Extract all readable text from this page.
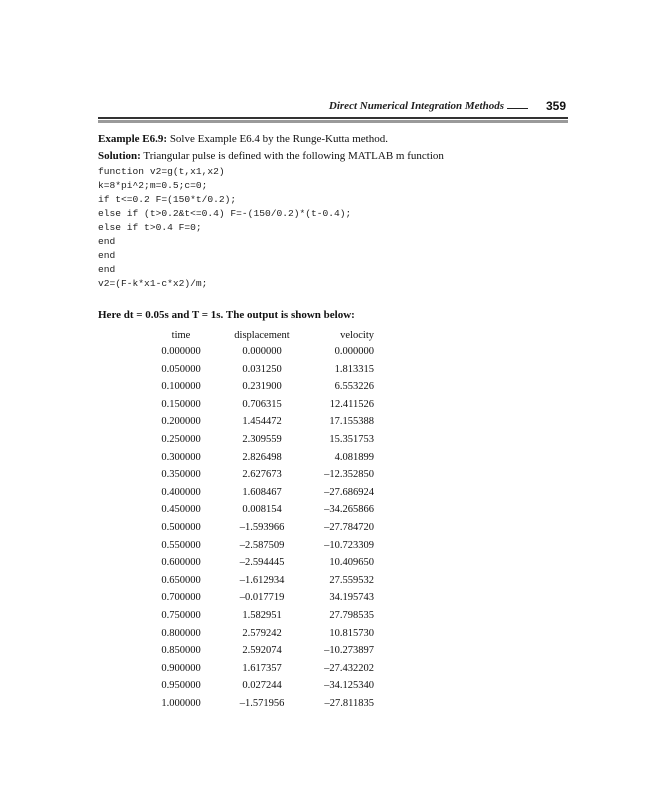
Direct Numerical Integration Methods	359
Example E6.9: Solve Example E6.4 by the Runge-Kutta method.
Solution: Triangular pulse is defined with the following MATLAB m function
function v2=g(t,x1,x2)
k=8*pi^2;m=0.5;c=0;
if t<=0.2 F=(150*t/0.2);
else if (t>0.2&t<=0.4) F=-(150/0.2)*(t-0.4);
else if t>0.4 F=0;
end
end
end
v2=(F-k*x1-c*x2)/m;
Here dt = 0.05s and T = 1s. The output is shown below:
time	displacement	velocity
0.000000	0.000000	0.000000
0.050000	0.031250	1.813315
0.100000	0.231900	6.553226
0.150000	0.706315	12.411526
0.200000	1.454472	17.155388
0.250000	2.309559	15.351753
0.300000	2.826498	4.081899
0.350000	2.627673	–12.352850
0.400000	1.608467	–27.686924
0.450000	0.008154	–34.265866
0.500000	–1.593966	–27.784720
0.550000	–2.587509	–10.723309
0.600000	–2.594445	10.409650
0.650000	–1.612934	27.559532
0.700000	–0.017719	34.195743
0.750000	1.582951	27.798535
0.800000	2.579242	10.815730
0.850000	2.592074	–10.273897
0.900000	1.617357	–27.432202
0.950000	0.027244	–34.125340
1.000000	–1.571956	–27.811835
